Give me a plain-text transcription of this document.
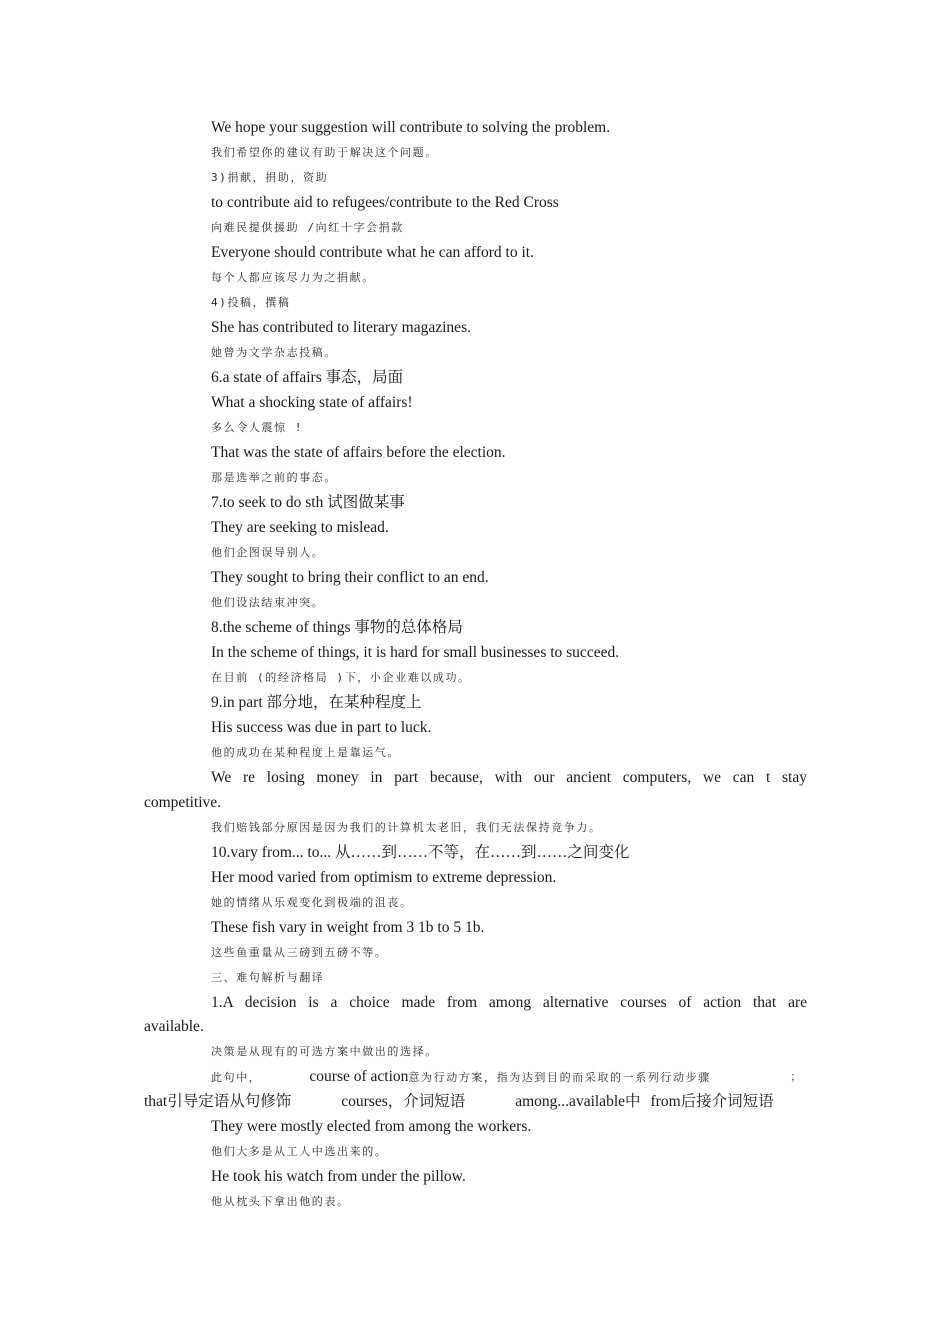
We hope your suggestion will contribute to solving the problem.
我们希望你的建议有助于解决这个问题。
3)捐献，捐助，资助
to contribute aid to refugees/contribute to the Red Cross
向难民提供援助 /向红十字会捐款
Everyone should contribute what he can afford to it.
每个人都应该尽力为之捐献。
4)投稿，撰稿
She has contributed to literary magazines.
她曾为文学杂志投稿。
6.a state of affairs 事态，局面
What a shocking state of affairs!
多么令人震惊 !
That was the state of affairs before the election.
那是选举之前的事态。
7.to seek to do sth 试图做某事
They are seeking to mislead.
他们企图误导别人。
They sought to bring their conflict to an end.
他们设法结束冲突。
8.the scheme of things 事物的总体格局
In the scheme of things, it is hard for small businesses to succeed.
在目前 (的经济格局 )下，小企业难以成功。
9.in part 部分地，在某种程度上
His success was due in part to luck.
他的成功在某种程度上是靠运气。
We re losing money in part because, with our ancient computers, we can t stay
competitive.
我们赔钱部分原因是因为我们的计算机太老旧，我们无法保持竞争力。
10.vary from... to... 从……到……不等，在……到……之间变化
Her mood varied from optimism to extreme depression.
她的情绪从乐观变化到极端的沮丧。
These fish vary in weight from 3 1b to 5 1b.
这些鱼重量从三磅到五磅不等。
三、难句解析与翻译
1.A decision is a choice made from among alternative courses of action that are
available.
决策是从现有的可选方案中做出的选择。
此句中，	course of action意为行动方案，指为达到目的而采取的一系列行动步骤	；
that引导定语从句修饰	courses，介词短语	among...available中 from后接介词短语
They were mostly elected from among the workers.
他们大多是从工人中选出来的。
He took his watch from under the pillow.
他从枕头下拿出他的表。
